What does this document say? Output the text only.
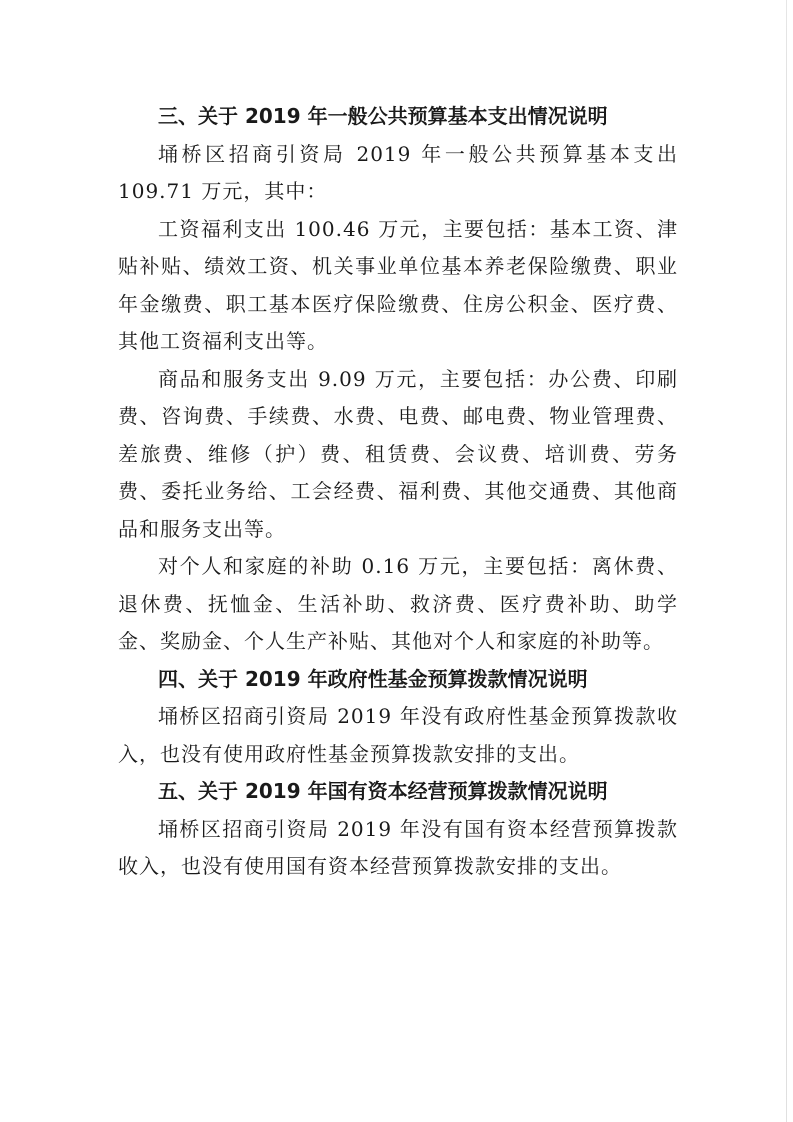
三、关于 2019 年一般公共预算基本支出情况说明

埇桥区招商引资局 2019 年一般公共预算基本支出 109.71 万元，其中：

工资福利支出 100.46 万元，主要包括：基本工资、津贴补贴、绩效工资、机关事业单位基本养老保险缴费、职业年金缴费、职工基本医疗保险缴费、住房公积金、医疗费、其他工资福利支出等。

商品和服务支出 9.09 万元，主要包括：办公费、印刷费、咨询费、手续费、水费、电费、邮电费、物业管理费、差旅费、维修（护）费、租赁费、会议费、培训费、劳务费、委托业务给、工会经费、福利费、其他交通费、其他商品和服务支出等。

对个人和家庭的补助 0.16 万元，主要包括：离休费、退休费、抚恤金、生活补助、救济费、医疗费补助、助学金、奖励金、个人生产补贴、其他对个人和家庭的补助等。

四、关于 2019 年政府性基金预算拨款情况说明

埇桥区招商引资局 2019 年没有政府性基金预算拨款收入，也没有使用政府性基金预算拨款安排的支出。

五、关于 2019 年国有资本经营预算拨款情况说明

埇桥区招商引资局 2019 年没有国有资本经营预算拨款收入，也没有使用国有资本经营预算拨款安排的支出。
